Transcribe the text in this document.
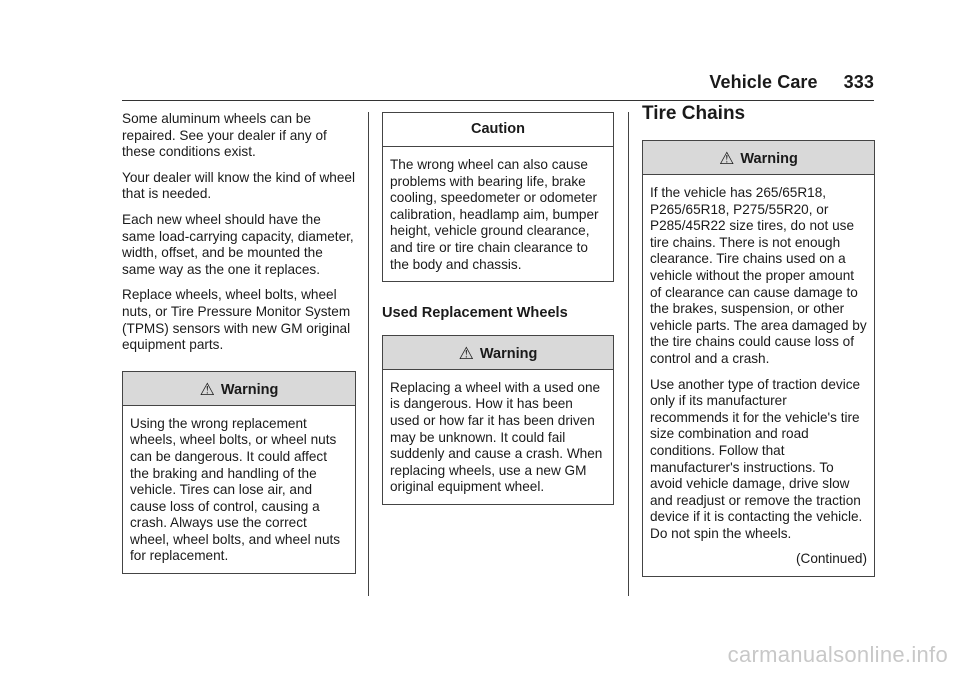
Vehicle Care 333

Some aluminum wheels can be repaired. See your dealer if any of these conditions exist.

Your dealer will know the kind of wheel that is needed.

Each new wheel should have the same load-carrying capacity, diameter, width, offset, and be mounted the same way as the one it replaces.

Replace wheels, wheel bolts, wheel nuts, or Tire Pressure Monitor System (TPMS) sensors with new GM original equipment parts.

⚠ Warning

Using the wrong replacement wheels, wheel bolts, or wheel nuts can be dangerous. It could affect the braking and handling of the vehicle. Tires can lose air, and cause loss of control, causing a crash. Always use the correct wheel, wheel bolts, and wheel nuts for replacement.

Caution

The wrong wheel can also cause problems with bearing life, brake cooling, speedometer or odometer calibration, headlamp aim, bumper height, vehicle ground clearance, and tire or tire chain clearance to the body and chassis.

Used Replacement Wheels
⚠ Warning

Replacing a wheel with a used one is dangerous. How it has been used or how far it has been driven may be unknown. It could fail suddenly and cause a crash. When replacing wheels, use a new GM original equipment wheel.

Tire Chains
⚠ Warning

If the vehicle has 265/65R18, P265/65R18, P275/55R20, or P285/45R22 size tires, do not use tire chains. There is not enough clearance. Tire chains used on a vehicle without the proper amount of clearance can cause damage to the brakes, suspension, or other vehicle parts. The area damaged by the tire chains could cause loss of control and a crash.

Use another type of traction device only if its manufacturer recommends it for the vehicle's tire size combination and road conditions. Follow that manufacturer's instructions. To avoid vehicle damage, drive slow and readjust or remove the traction device if it is contacting the vehicle. Do not spin the wheels.

(Continued)
carmanualsonline.info
